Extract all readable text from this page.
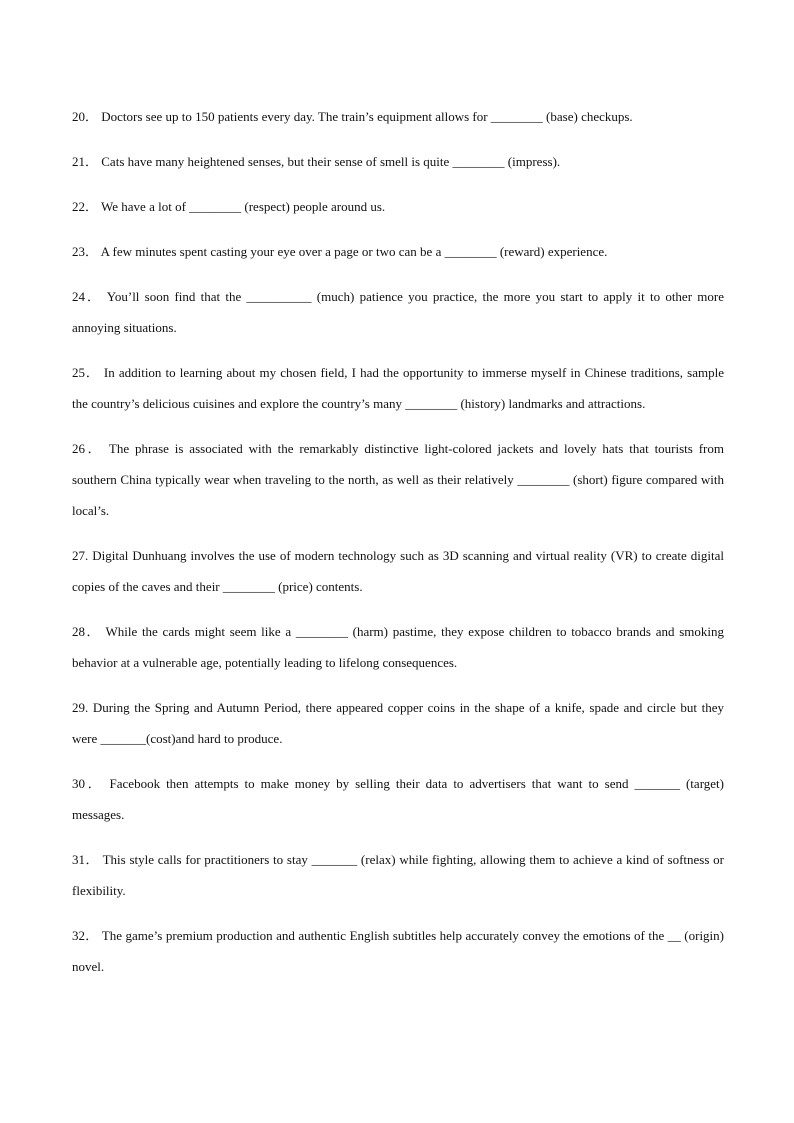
20． Doctors see up to 150 patients every day. The train’s equipment allows for ________ (base) checkups.

21． Cats have many heightened senses, but their sense of smell is quite ________ (impress).

22． We have a lot of ________ (respect) people around us.

23． A few minutes spent casting your eye over a page or two can be a ________ (reward) experience.

24． You’ll soon find that the __________ (much) patience you practice, the more you start to apply it to other more annoying situations.

25． In addition to learning about my chosen field, I had the opportunity to immerse myself in Chinese traditions, sample the country’s delicious cuisines and explore the country’s many ________ (history) landmarks and attractions.

26． The phrase is associated with the remarkably distinctive light-colored jackets and lovely hats that tourists from southern China typically wear when traveling to the north, as well as their relatively ________ (short) figure compared with local’s.

27. Digital Dunhuang involves the use of modern technology such as 3D scanning and virtual reality (VR) to create digital copies of the caves and their ________ (price) contents.

28． While the cards might seem like a ________ (harm) pastime, they expose children to tobacco brands and smoking behavior at a vulnerable age, potentially leading to lifelong consequences.

29. During the Spring and Autumn Period, there appeared copper coins in the shape of a knife, spade and circle but they were _______(cost)and hard to produce.

30． Facebook then attempts to make money by selling their data to advertisers that want to send _______ (target) messages.

31． This style calls for practitioners to stay _______ (relax) while fighting, allowing them to achieve a kind of softness or flexibility.

32． The game’s premium production and authentic English subtitles help accurately convey the emotions of the __ (origin) novel.
